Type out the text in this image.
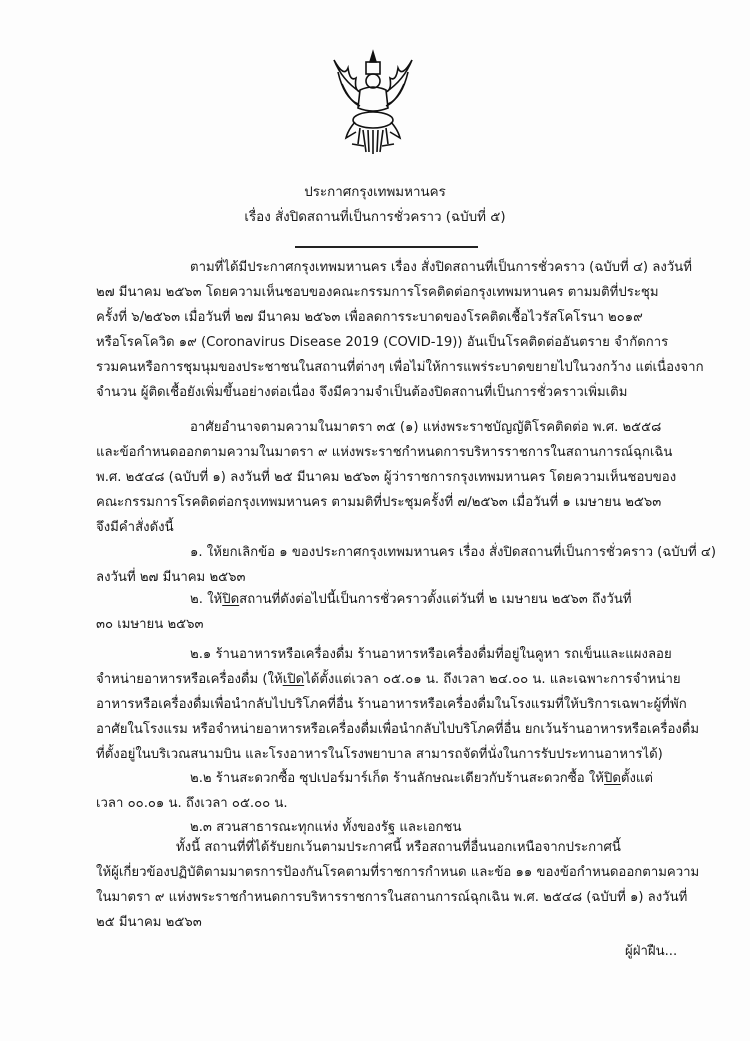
ประกาศกรุงเทพมหานคร
เรื่อง สั่งปิดสถานที่เป็นการชั่วคราว (ฉบับที่ ๕)
ตามที่ได้มีประกาศกรุงเทพมหานคร เรื่อง สั่งปิดสถานที่เป็นการชั่วคราว (ฉบับที่ ๔) ลงวันที่
๒๗ มีนาคม ๒๕๖๓ โดยความเห็นชอบของคณะกรรมการโรคติดต่อกรุงเทพมหานคร ตามมติที่ประชุม
ครั้งที่ ๖/๒๕๖๓ เมื่อวันที่ ๒๗ มีนาคม ๒๕๖๓ เพื่อลดการระบาดของโรคติดเชื้อไวรัสโคโรนา ๒๐๑๙
หรือโรคโควิด ๑๙ (Coronavirus Disease 2019 (COVID-19)) อันเป็นโรคติดต่ออันตราย จำกัดการ
รวมคนหรือการชุมนุมของประชาชนในสถานที่ต่างๆ เพื่อไม่ให้การแพร่ระบาดขยายไปในวงกว้าง แต่เนื่องจาก
จำนวน ผู้ติดเชื้อยังเพิ่มขึ้นอย่างต่อเนื่อง จึงมีความจำเป็นต้องปิดสถานที่เป็นการชั่วคราวเพิ่มเติม
อาศัยอำนาจตามความในมาตรา ๓๕ (๑) แห่งพระราชบัญญัติโรคติดต่อ พ.ศ. ๒๕๕๘
และข้อกำหนดออกตามความในมาตรา ๙ แห่งพระราชกำหนดการบริหารราชการในสถานการณ์ฉุกเฉิน
พ.ศ. ๒๕๔๘ (ฉบับที่ ๑) ลงวันที่ ๒๕ มีนาคม ๒๕๖๓ ผู้ว่าราชการกรุงเทพมหานคร โดยความเห็นชอบของ
คณะกรรมการโรคติดต่อกรุงเทพมหานคร ตามมติที่ประชุมครั้งที่ ๗/๒๕๖๓ เมื่อวันที่ ๑ เมษายน ๒๕๖๓
จึงมีคำสั่งดังนี้
๑. ให้ยกเลิกข้อ ๑ ของประกาศกรุงเทพมหานคร เรื่อง สั่งปิดสถานที่เป็นการชั่วคราว (ฉบับที่ ๔)
ลงวันที่ ๒๗ มีนาคม ๒๕๖๓
๒. ให้ปิดสถานที่ดังต่อไปนี้เป็นการชั่วคราวตั้งแต่วันที่ ๒ เมษายน ๒๕๖๓ ถึงวันที่
๓๐ เมษายน ๒๕๖๓
๒.๑ ร้านอาหารหรือเครื่องดื่ม ร้านอาหารหรือเครื่องดื่มที่อยู่ในคูหา รถเข็นและแผงลอย
จำหน่ายอาหารหรือเครื่องดื่ม (ให้เปิดได้ตั้งแต่เวลา ๐๕.๐๑ น. ถึงเวลา ๒๔.๐๐ น. และเฉพาะการจำหน่าย
อาหารหรือเครื่องดื่มเพื่อนำกลับไปบริโภคที่อื่น ร้านอาหารหรือเครื่องดื่มในโรงแรมที่ให้บริการเฉพาะผู้ที่พัก
อาศัยในโรงแรม หรือจำหน่ายอาหารหรือเครื่องดื่มเพื่อนำกลับไปบริโภคที่อื่น ยกเว้นร้านอาหารหรือเครื่องดื่ม
ที่ตั้งอยู่ในบริเวณสนามบิน และโรงอาหารในโรงพยาบาล สามารถจัดที่นั่งในการรับประทานอาหารได้)
๒.๒ ร้านสะดวกซื้อ ซุปเปอร์มาร์เก็ต ร้านลักษณะเดียวกับร้านสะดวกซื้อ ให้ปิดตั้งแต่
เวลา ๐๐.๐๑ น. ถึงเวลา ๐๕.๐๐ น.
๒.๓ สวนสาธารณะทุกแห่ง ทั้งของรัฐ และเอกชน
ทั้งนี้ สถานที่ที่ได้รับยกเว้นตามประกาศนี้ หรือสถานที่อื่นนอกเหนือจากประกาศนี้
ให้ผู้เกี่ยวข้องปฏิบัติตามมาตรการป้องกันโรคตามที่ราชการกำหนด และข้อ ๑๑ ของข้อกำหนดออกตามความ
ในมาตรา ๙ แห่งพระราชกำหนดการบริหารราชการในสถานการณ์ฉุกเฉิน พ.ศ. ๒๕๔๘ (ฉบับที่ ๑) ลงวันที่
๒๕ มีนาคม ๒๕๖๓
ผู้ฝ่าฝืน...
